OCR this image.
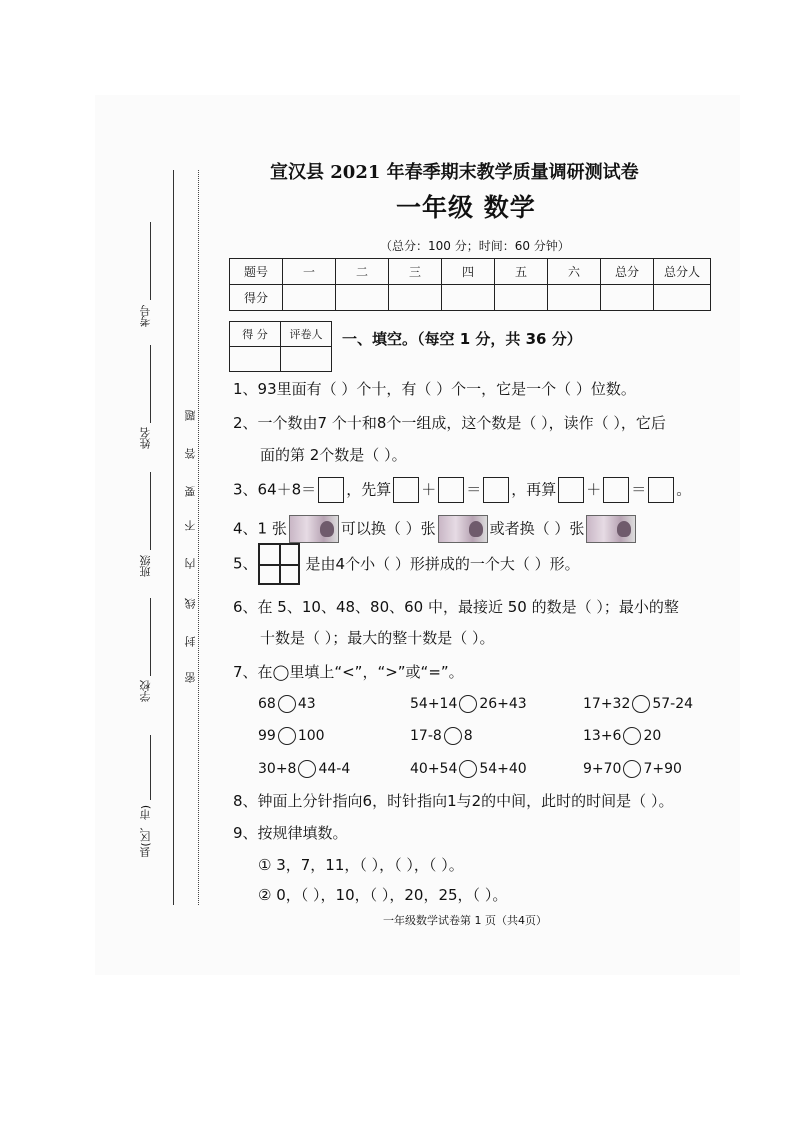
考号
姓名
班级
学校
县(区、市)
题
答
要
不
内
线
封
密
宣汉县 2021 年春季期末教学质量调研测试卷
一年级 数学
（总分：100 分；时间：60 分钟）
题号	一	二	三	四	五	六	总分	总分人
得分								
得 分	评卷人
	一、填空。（每空 1 分，共 36 分）
1、93里面有（ ）个十，有（ ）个一，它是一个（ ）位数。
2、一个数由7 个十和8个一组成，这个数是（ ），读作（ ），它后
面的第 2个数是（ ）。
3、64＋8＝ ，先算 ＋ ＝ ，再算 ＋ ＝ 。
4、1 张	可以换（ ）张	或者换（ ）张
5、	是由4个小（ ）形拼成的一个大（ ）形。
6、在 5、10、48、80、60 中，最接近 50 的数是（ ）；最小的整
十数是（ ）；最大的整十数是（ ）。
7、在◯里填上“<”，“>”或“=”。
68 43	54+14 26+43	17+32 57-24
99 100	17-8 8	13+6 20
30+8 44-4	40+54 54+40	9+70 7+90
8、钟面上分针指向6，时针指向1与2的中间，此时的时间是（ ）。
9、按规律填数。
① 3，7，11，（ ），（ ），（ ）。
② 0，（ ），10，（ ），20，25，（ ）。
一年级数学试卷第 1 页（共4页）
